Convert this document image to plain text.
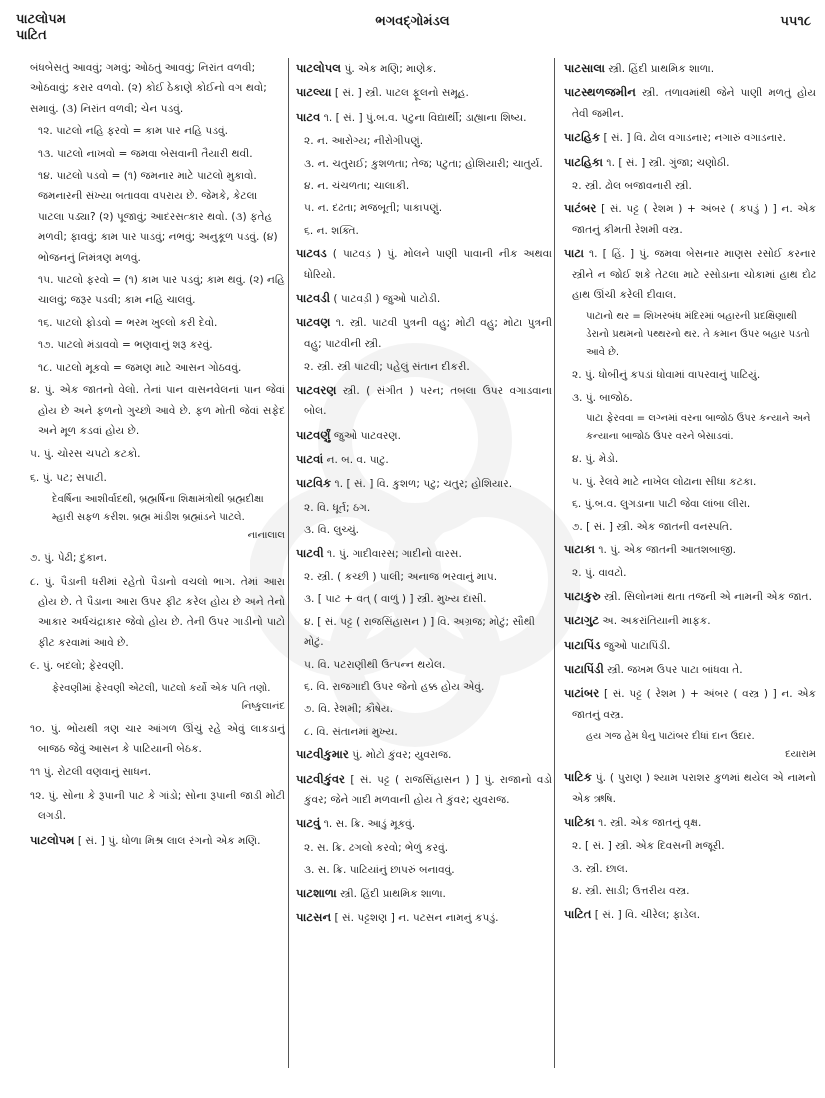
પાટલોપમ
પાટિત
ભગવદ્ગોમંડલ	૫૫૧૮
બંધબેસતું આવવું; ગમવું; ઓઠતું આવવું; નિરાંત વળવી; ઓઠવાવું; કરાર વળવો. (૨) કોઈ ઠેકાણે કોઈનો વગ થવો; સમાવું. (૩) નિરાંત વળવી; ચેન પડવું.
૧૨. પાટલો નહિ ફરવો = કામ પાર નહિ પડવું.
૧૩. પાટલો નાખવો = જમવા બેસવાની તૈયારી થવી.
૧૪. પાટલો પડવો = (૧) જમનાર માટે પાટલો મુકાવો. જમનારની સંખ્યા બતાવવા વપરાય છે. જેમકે, કેટલા પાટલા પડ્યા? (૨) પૂજાવું; આદરસત્કાર થવો. (૩) ફતેહ મળવી; ફાવવું; કામ પાર પાડવું; નભવું; અનુકૂળ પડવું. (૪) ભોજનનું નિમંત્રણ મળવું.
૧૫. પાટલો ફરવો = (૧) કામ પાર પડવું; કામ થવું. (૨) નહિ ચાલવું; જરૂર પડવી; કામ નહિ ચાલવું.
૧૬. પાટલો ફોડવો = ભરમ ખુલ્લો કરી દેવો.
૧૭. પાટલો મંડાવવો = ભણવાનું શરૂ કરવું.
૧૮. પાટલો મૂકવો = જમણ માટે આસન ગોઠવવું.
૪. પું. એક જાતનો વેલો. તેનાં પાન વાસનવેલનાં પાન જેવાં હોય છે અને ફળનો ગુચ્છો આવે છે. ફળ મોતી જેવાં સફેદ અને મૂળ કડવાં હોય છે.
૫. પું. ચોરસ ચપટો કટકો.
૬. પું. પટ; સપાટી.
દેવર્ષિના આશીર્વાદથી, બ્રહ્મર્ષિના શિક્ષામંત્રોથી બ્રહ્મદીક્ષા મ્હારી સફળ કરીશ. બ્રહ્મ માંડીશ બ્રહ્માંડને પાટલે.
નાનાલાલ
૭. પું. પેઢી; દુકાન.
૮. પું. પૈડાની ધરીમાં રહેતો પૈડાનો વચલો ભાગ. તેમાં આરા હોય છે. તે પૈડાના આરા ઉપર ફીટ કરેલ હોય છે અને તેનો આકાર અર્ધચંદ્રાકાર જેવો હોય છે. તેની ઉપર ગાડીનો પાટો ફીટ કરવામાં આવે છે.
૯. પું. બદલો; ફેરવણી.
ફેરવણીમાં ફેરવણી એટલી, પાટલો કર્યો એક પતિ તણો.
નિષ્કુલાનંદ
૧૦. પું. ભોંયથી ત્રણ ચાર આંગળ ઊંચું રહે એવું લાકડાનું બાજઠ જેવું આસન કે પાટિયાની બેઠક.
૧૧ પું. રોટલી વણવાનું સાધન.
૧૨. પું. સોના કે રૂપાની પાટ કે ગાંડો; સોના રૂપાની જાડી મોટી લગડી.
પાટલોપમ [ સં. ] પું. ધોળા મિશ્ર લાલ રંગનો એક મણિ.
પાટલોપલ પું. એક મણિ; માણેક.
પાટલ્યા [ સં. ] સ્ત્રી. પાટલ ફૂલનો સમૂહ.
પાટવ ૧. [ સં. ] પું.બ.વ. પટુના વિદ્યાર્થી; ડાહ્યાના શિષ્ય.
૨. ન. આરોગ્ય; નીરોગીપણું.
૩. ન. ચતુરાઈ; કુશળતા; તેજ; પટુતા; હોશિયારી; ચાતુર્ય.
૪. ન. ચંચળતા; ચાલાકી.
૫. ન. દઢતા; મજબૂતી; પાકાપણું.
૬. ન. શક્તિ.
પાટવડ ( પાટવડ઼ ) પું. મોલને પાણી પાવાની નીક અથવા ધોરિયો.
પાટવડી ( પાટવડ઼ી ) જુઓ પાટોડી.
પાટવણ ૧. સ્ત્રી. પાટવી પુત્રની વહુ; મોટી વહુ; મોટા પુત્રની વહુ; પાટવીની સ્ત્રી.
૨. સ્ત્રી. સ્ત્રી પાટવી; પહેલું સંતાન દીકરી.
પાટવરણ સ્ત્રી. ( સંગીત ) પરન; તબલા ઉપર વગાડવાના બોલ.
પાટવર્ણું જુઓ પાટવરણ.
પાટવાં ન. બ. વ. પાટુ.
પાટવિક ૧. [ સં. ] વિ. કુશળ; પટુ; ચતુર; હોશિયાર.
૨. વિ. ધૂર્ત; ઠગ.
૩. વિ. લુચ્ચું.
પાટવી ૧. પું. ગાદીવારસ; ગાદીનો વારસ.
૨. સ્ત્રી. ( કચ્છી ) પાલી; અનાજ ભરવાનું માપ.
૩. [ પાટ + વત્ ( વાળું ) ] સ્ત્રી. મુખ્ય દાસી.
૪. [ સં. પટ્ટ ( રાજસિંહાસન ) ] વિ. અગ્રજ; મોટું; સૌથી મોટું.
૫. વિ. પટરાણીથી ઉત્પન્ન થયેલ.
૬. વિ. રાજગાદી ઉપર જેનો હક્ક હોય એવું.
૭. વિ. રેશમી; કૌષેય.
૮. વિ. સંતાનમાં મુખ્ય.
પાટવીકુમાર પું. મોટો કુંવર; યુવરાજ.
પાટવીકુંવર [ સં. પટ્ટ ( રાજસિંહાસન ) ] પું. રાજાનો વડો કુંવર; જેને ગાદી મળવાની હોય તે કુંવર; યુવરાજ.
પાટવું ૧. સ. ક્રિ. આડું મૂકવું.
૨. સ. ક્રિ. ઢગલો કરવો; ભેળું કરવું.
૩. સ. ક્રિ. પાટિયાંનું છાપરું બનાવવું.
પાટશાળા સ્ત્રી. હિંદી પ્રાથમિક શાળા.
પાટસન [ સં. પટ્ટશણ ] ન. પટસન નામનું કપડું.
પાટસાલા સ્ત્રી. હિંદી પ્રાથમિક શાળા.
પાટસ્થળજમીન સ્ત્રી. તળાવમાંથી જેને પાણી મળતું હોય તેવી જમીન.
પાટહિક [ સં. ] વિ. ઢોલ વગાડનાર; નગારું વગાડનાર.
પાટહિકા ૧. [ સં. ] સ્ત્રી. ગુંજા; ચણોઠી.
૨. સ્ત્રી. ઢોલ બજાવનારી સ્ત્રી.
પાટંબર [ સં. પટ્ટ ( રેશમ ) + અંબર ( કપડું ) ] ન. એક જાતનું કીમતી રેશમી વસ્ત્ર.
પાટા ૧. [ હિં. ] પું. જમવા બેસનાર માણસ રસોઈ કરનાર સ્ત્રીને ન જોઈ શકે તેટલા માટે રસોડાના ચોકામાં હાથ દોઢ હાથ ઊંચી કરેલી દીવાલ.
પાટાનો થર = શિખરબંધ મંદિરમાં બહારની પ્રદક્ષિણાથી ડેરાનો પ્રથમનો પથ્થરનો થર. તે કમાન ઉપર બહાર પડતો આવે છે.
૨. પું. ધોબીનું કપડાં ધોવામાં વાપરવાનું પાટિયું.
૩. પું. બાજોઠ.
પાટા ફેરવવા = લગ્નમાં વરના બાજોઠ ઉપર કન્યાને અને કન્યાના બાજોઠ ઉપર વરને બેસાડવાં.
૪. પું. મેડો.
૫. પું. રેલવે માટે નાખેલ લોઢાના સીધા કટકા.
૬. પું.બ.વ. લુગડાના પાટી જેવા લાંબા લીરા.
૭. [ સં. ] સ્ત્રી. એક જાતની વનસ્પતિ.
પાટાકા ૧. પું. એક જાતની આતશબાજી.
૨. પું. વાવટો.
પાટાકુરુ સ્ત્રી. સિલોનમાં થતા તજની એ નામની એક જાત.
પાટાગુટ અ. અકરાંતિયાની માફક.
પાટાપિંડ જુઓ પાટાપિંડી.
પાટાપિંડી સ્ત્રી. જખમ ઉપર પાટા બાંધવા તે.
પાટાંબર [ સં. પટ્ટ ( રેશમ ) + અંબર ( વસ્ત્ર ) ] ન. એક જાતનું વસ્ત્ર.
હય ગજ હેમ ધેનુ પાટાંબર દીધાં દાન ઉદાર.
દયારામ
પાટિક પું. ( પુરાણ ) શ્યામ પરાશર કુળમાં થયેલ એ નામનો એક ઋષિ.
પાટિકા ૧. સ્ત્રી. એક જાતનું વૃક્ષ.
૨. [ સં. ] સ્ત્રી. એક દિવસની મજૂરી.
૩. સ્ત્રી. છાલ.
૪. સ્ત્રી. સાડી; ઉત્તરીય વસ્ત્ર.
પાટિત [ સં. ] વિ. ચીરેલ; ફાડેલ.
